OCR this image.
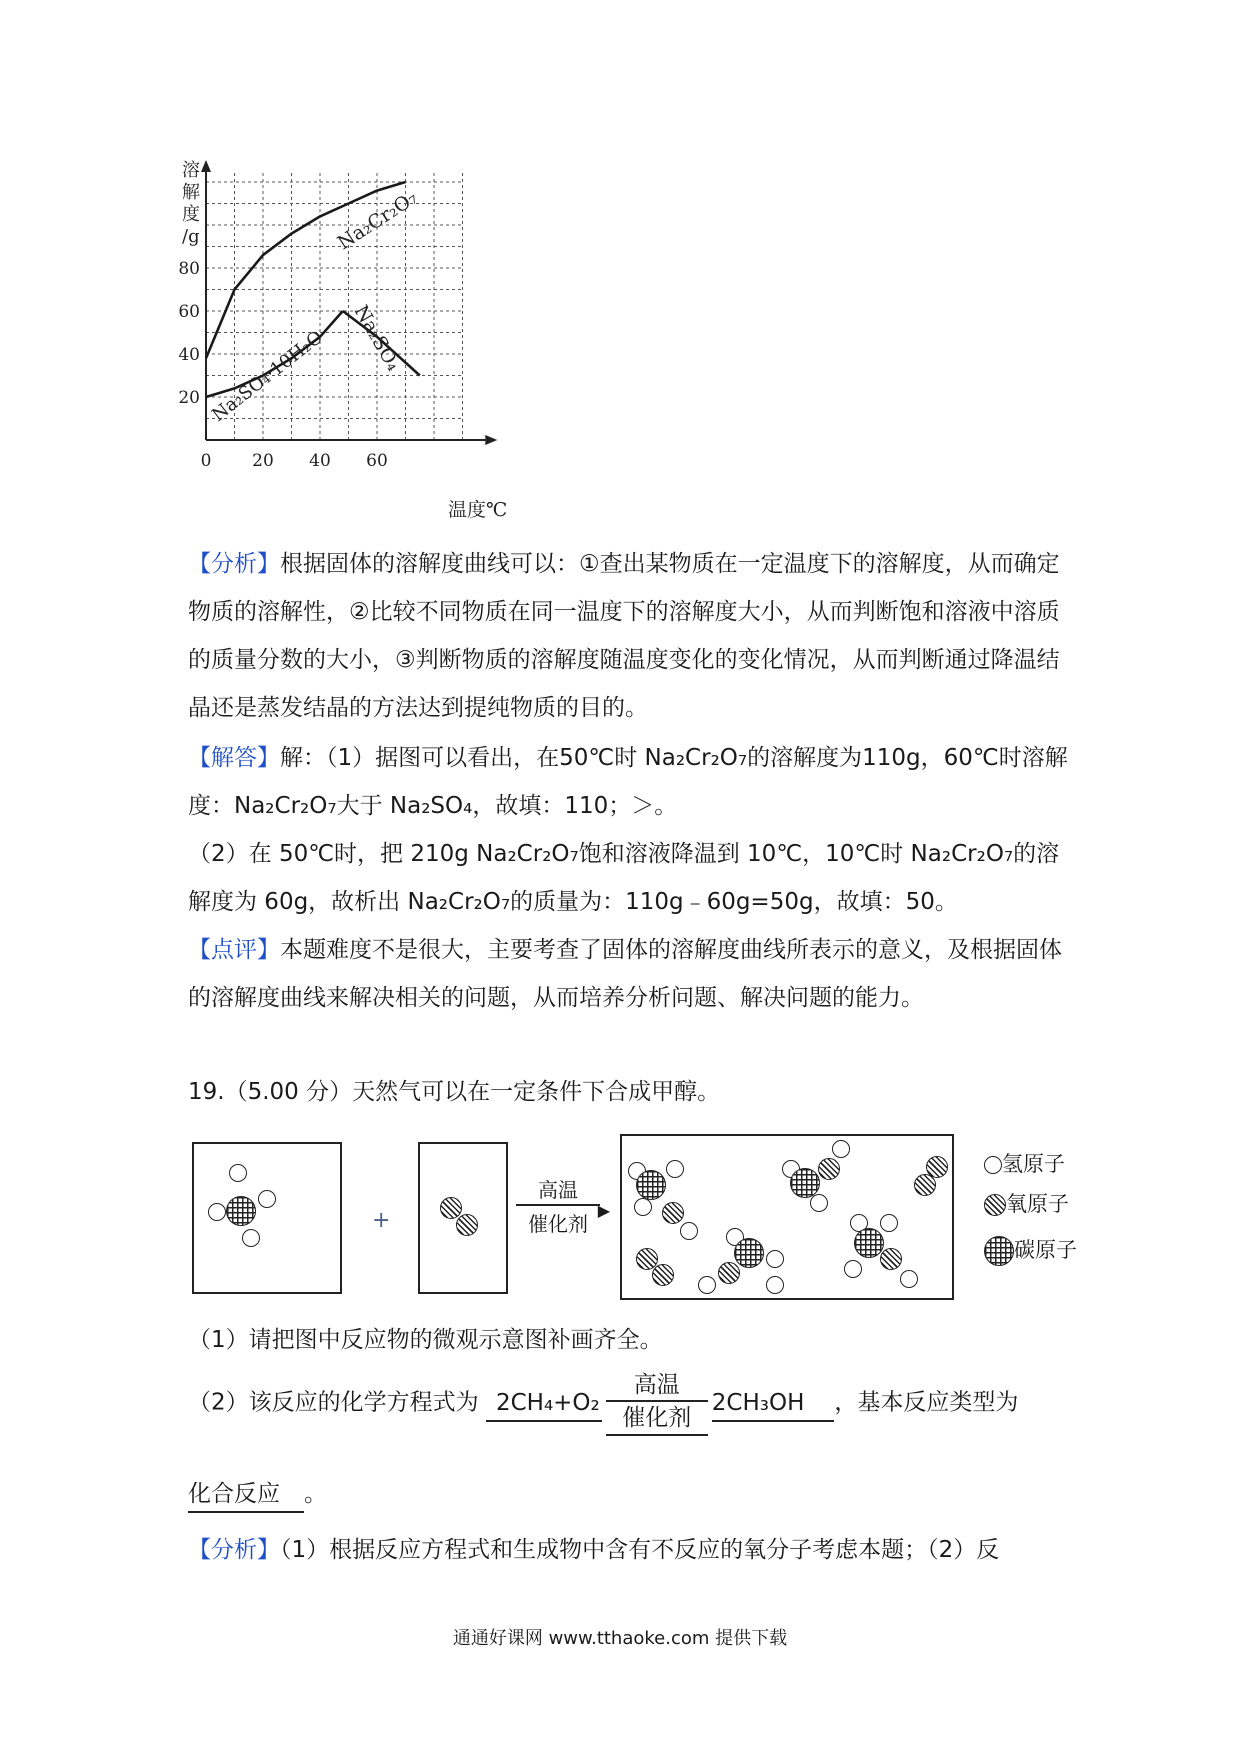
0 20 40 60
20
40
60
80
Na₂Cr₂O₇
Na₂SO₄
Na₂SO₄·10H₂O
溶解度/g
温度℃
【分析】根据固体的溶解度曲线可以：①查出某物质在一定温度下的溶解度，从而确定物质的溶解性，②比较不同物质在同一温度下的溶解度大小，从而判断饱和溶液中溶质的质量分数的大小，③判断物质的溶解度随温度变化的变化情况，从而判断通过降温结晶还是蒸发结晶的方法达到提纯物质的目的。
【解答】解：（1）据图可以看出，在50℃时 Na₂Cr₂O₇的溶解度为110g，60℃时溶解度：Na₂Cr₂O₇大于 Na₂SO₄，故填：110；＞。
（2）在 50℃时，把 210g Na₂Cr₂O₇饱和溶液降温到 10℃，10℃时 Na₂Cr₂O₇的溶解度为 60g，故析出 Na₂Cr₂O₇的质量为：110g﹣60g=50g，故填：50。
【点评】本题难度不是很大，主要考查了固体的溶解度曲线所表示的意义，及根据固体的溶解度曲线来解决相关的问题，从而培养分析问题、解决问题的能力。
19.（5.00 分）天然气可以在一定条件下合成甲醇。
+
高温
▶
催化剂
氢原子
氧原子
碳原子
（1）请把图中反应物的微观示意图补画齐全。
（2）该反应的化学方程式为 $2CH_4+O_2 \frac{\text{高温}}{\text{催化剂}} 2CH_3OH$ ，基本反应类型为
化合反应 。
【分析】（1）根据反应方程式和生成物中含有不反应的氧分子考虑本题；（2）反
通通好课网 www.tthaoke.com 提供下载
